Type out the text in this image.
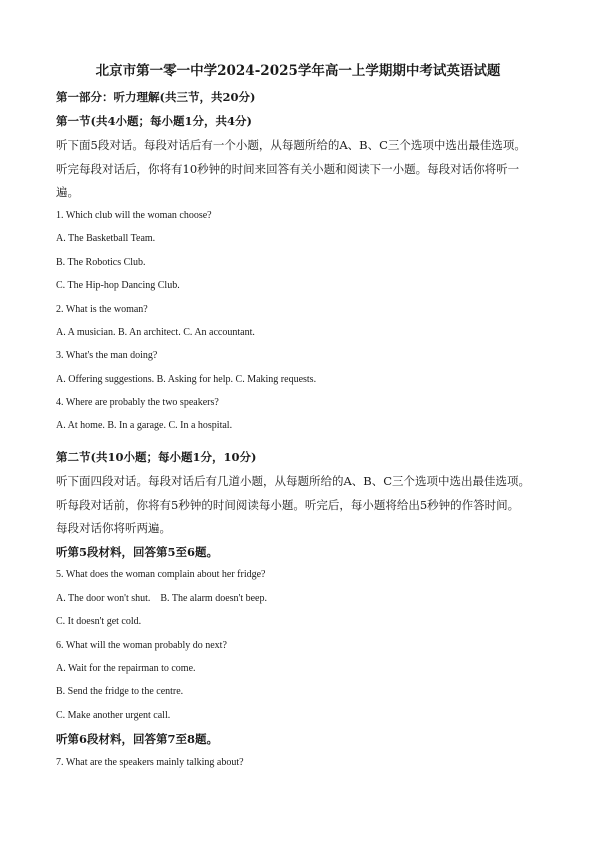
北京市第一零一中学2024-2025学年高一上学期期中考试英语试题
第一部分：听力理解(共三节，共20分)
第一节(共4小题；每小题1分，共4分)
听下面5段对话。每段对话后有一个小题，从每题所给的A、B、C三个选项中选出最佳选项。
听完每段对话后，你将有10秒钟的时间来回答有关小题和阅读下一小题。每段对话你将听一
遍。
1. Which club will the woman choose?
A. The Basketball Team.
B. The Robotics Club.
C. The Hip-hop Dancing Club.
2. What is the woman?
A. A musician. B. An architect. C. An accountant.
3. What's the man doing?
A. Offering suggestions. B. Asking for help. C. Making requests.
4. Where are probably the two speakers?
A. At home. B. In a garage. C. In a hospital.
第二节(共10小题；每小题1分，10分)
听下面四段对话。每段对话后有几道小题，从每题所给的A、B、C三个选项中选出最佳选项。
听每段对话前，你将有5秒钟的时间阅读每小题。听完后，每小题将给出5秒钟的作答时间。
每段对话你将听两遍。
听第5段材料，回答第5至6题。
5. What does the woman complain about her fridge?
A. The door won't shut.    B. The alarm doesn't beep.
C. It doesn't get cold.
6. What will the woman probably do next?
A. Wait for the repairman to come.
B. Send the fridge to the centre.
C. Make another urgent call.
听第6段材料，回答第7至8题。
7. What are the speakers mainly talking about?
